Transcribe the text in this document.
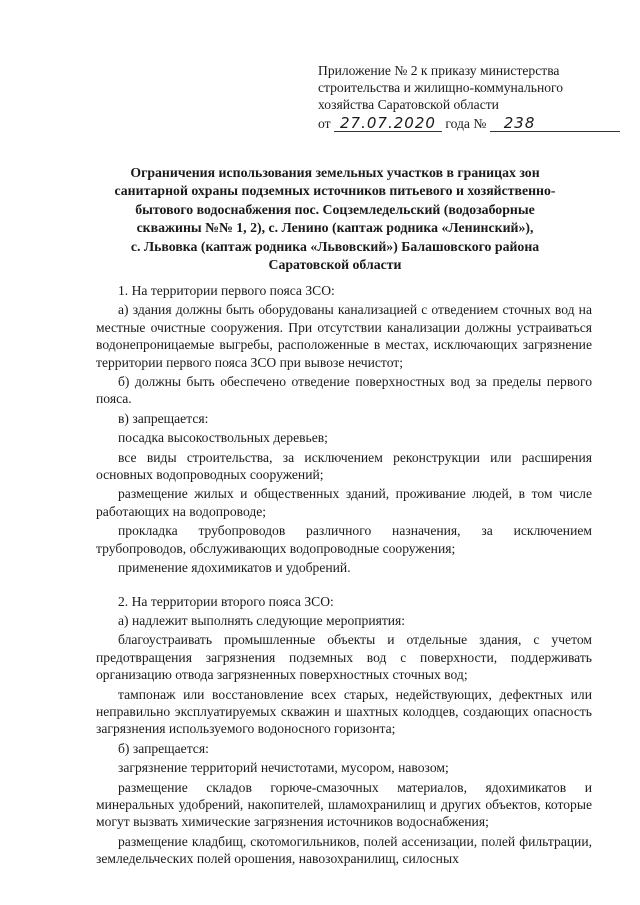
Приложение № 2 к приказу министерства
строительства и жилищно-коммунального
хозяйства Саратовской области
от 27.07.2020 года № 238
Ограничения использования земельных участков в границах зон
санитарной охраны подземных источников питьевого и хозяйственно-
бытового водоснабжения пос. Соцземледельский (водозаборные
скважины №№ 1, 2), с. Ленино (каптаж родника «Ленинский»),
с. Львовка (каптаж родника «Львовский») Балашовского района
Саратовской области

1. На территории первого пояса ЗСО:

а) здания должны быть оборудованы канализацией с отведением сточных вод на местные очистные сооружения. При отсутствии канализации должны устраиваться водонепроницаемые выгребы, расположенные в местах, исключающих загрязнение территории первого пояса ЗСО при вывозе нечистот;

б) должны быть обеспечено отведение поверхностных вод за пределы первого пояса.

в) запрещается:

посадка высокоствольных деревьев;

все виды строительства, за исключением реконструкции или расширения основных водопроводных сооружений;

размещение жилых и общественных зданий, проживание людей, в том числе работающих на водопроводе;

прокладка трубопроводов различного назначения, за исключением трубопроводов, обслуживающих водопроводные сооружения;

применение ядохимикатов и удобрений.

2. На территории второго пояса ЗСО:

а) надлежит выполнять следующие мероприятия:

благоустраивать промышленные объекты и отдельные здания, с учетом предотвращения загрязнения подземных вод с поверхности, поддерживать организацию отвода загрязненных поверхностных сточных вод;

тампонаж или восстановление всех старых, недействующих, дефектных или неправильно эксплуатируемых скважин и шахтных колодцев, создающих опасность загрязнения используемого водоносного горизонта;

б) запрещается:

загрязнение территорий нечистотами, мусором, навозом;

размещение складов горюче-смазочных материалов, ядохимикатов и минеральных удобрений, накопителей, шламохранилищ и других объектов, которые могут вызвать химические загрязнения источников водоснабжения;

размещение кладбищ, скотомогильников, полей ассенизации, полей фильтрации, земледельческих полей орошения, навозохранилищ, силосных
